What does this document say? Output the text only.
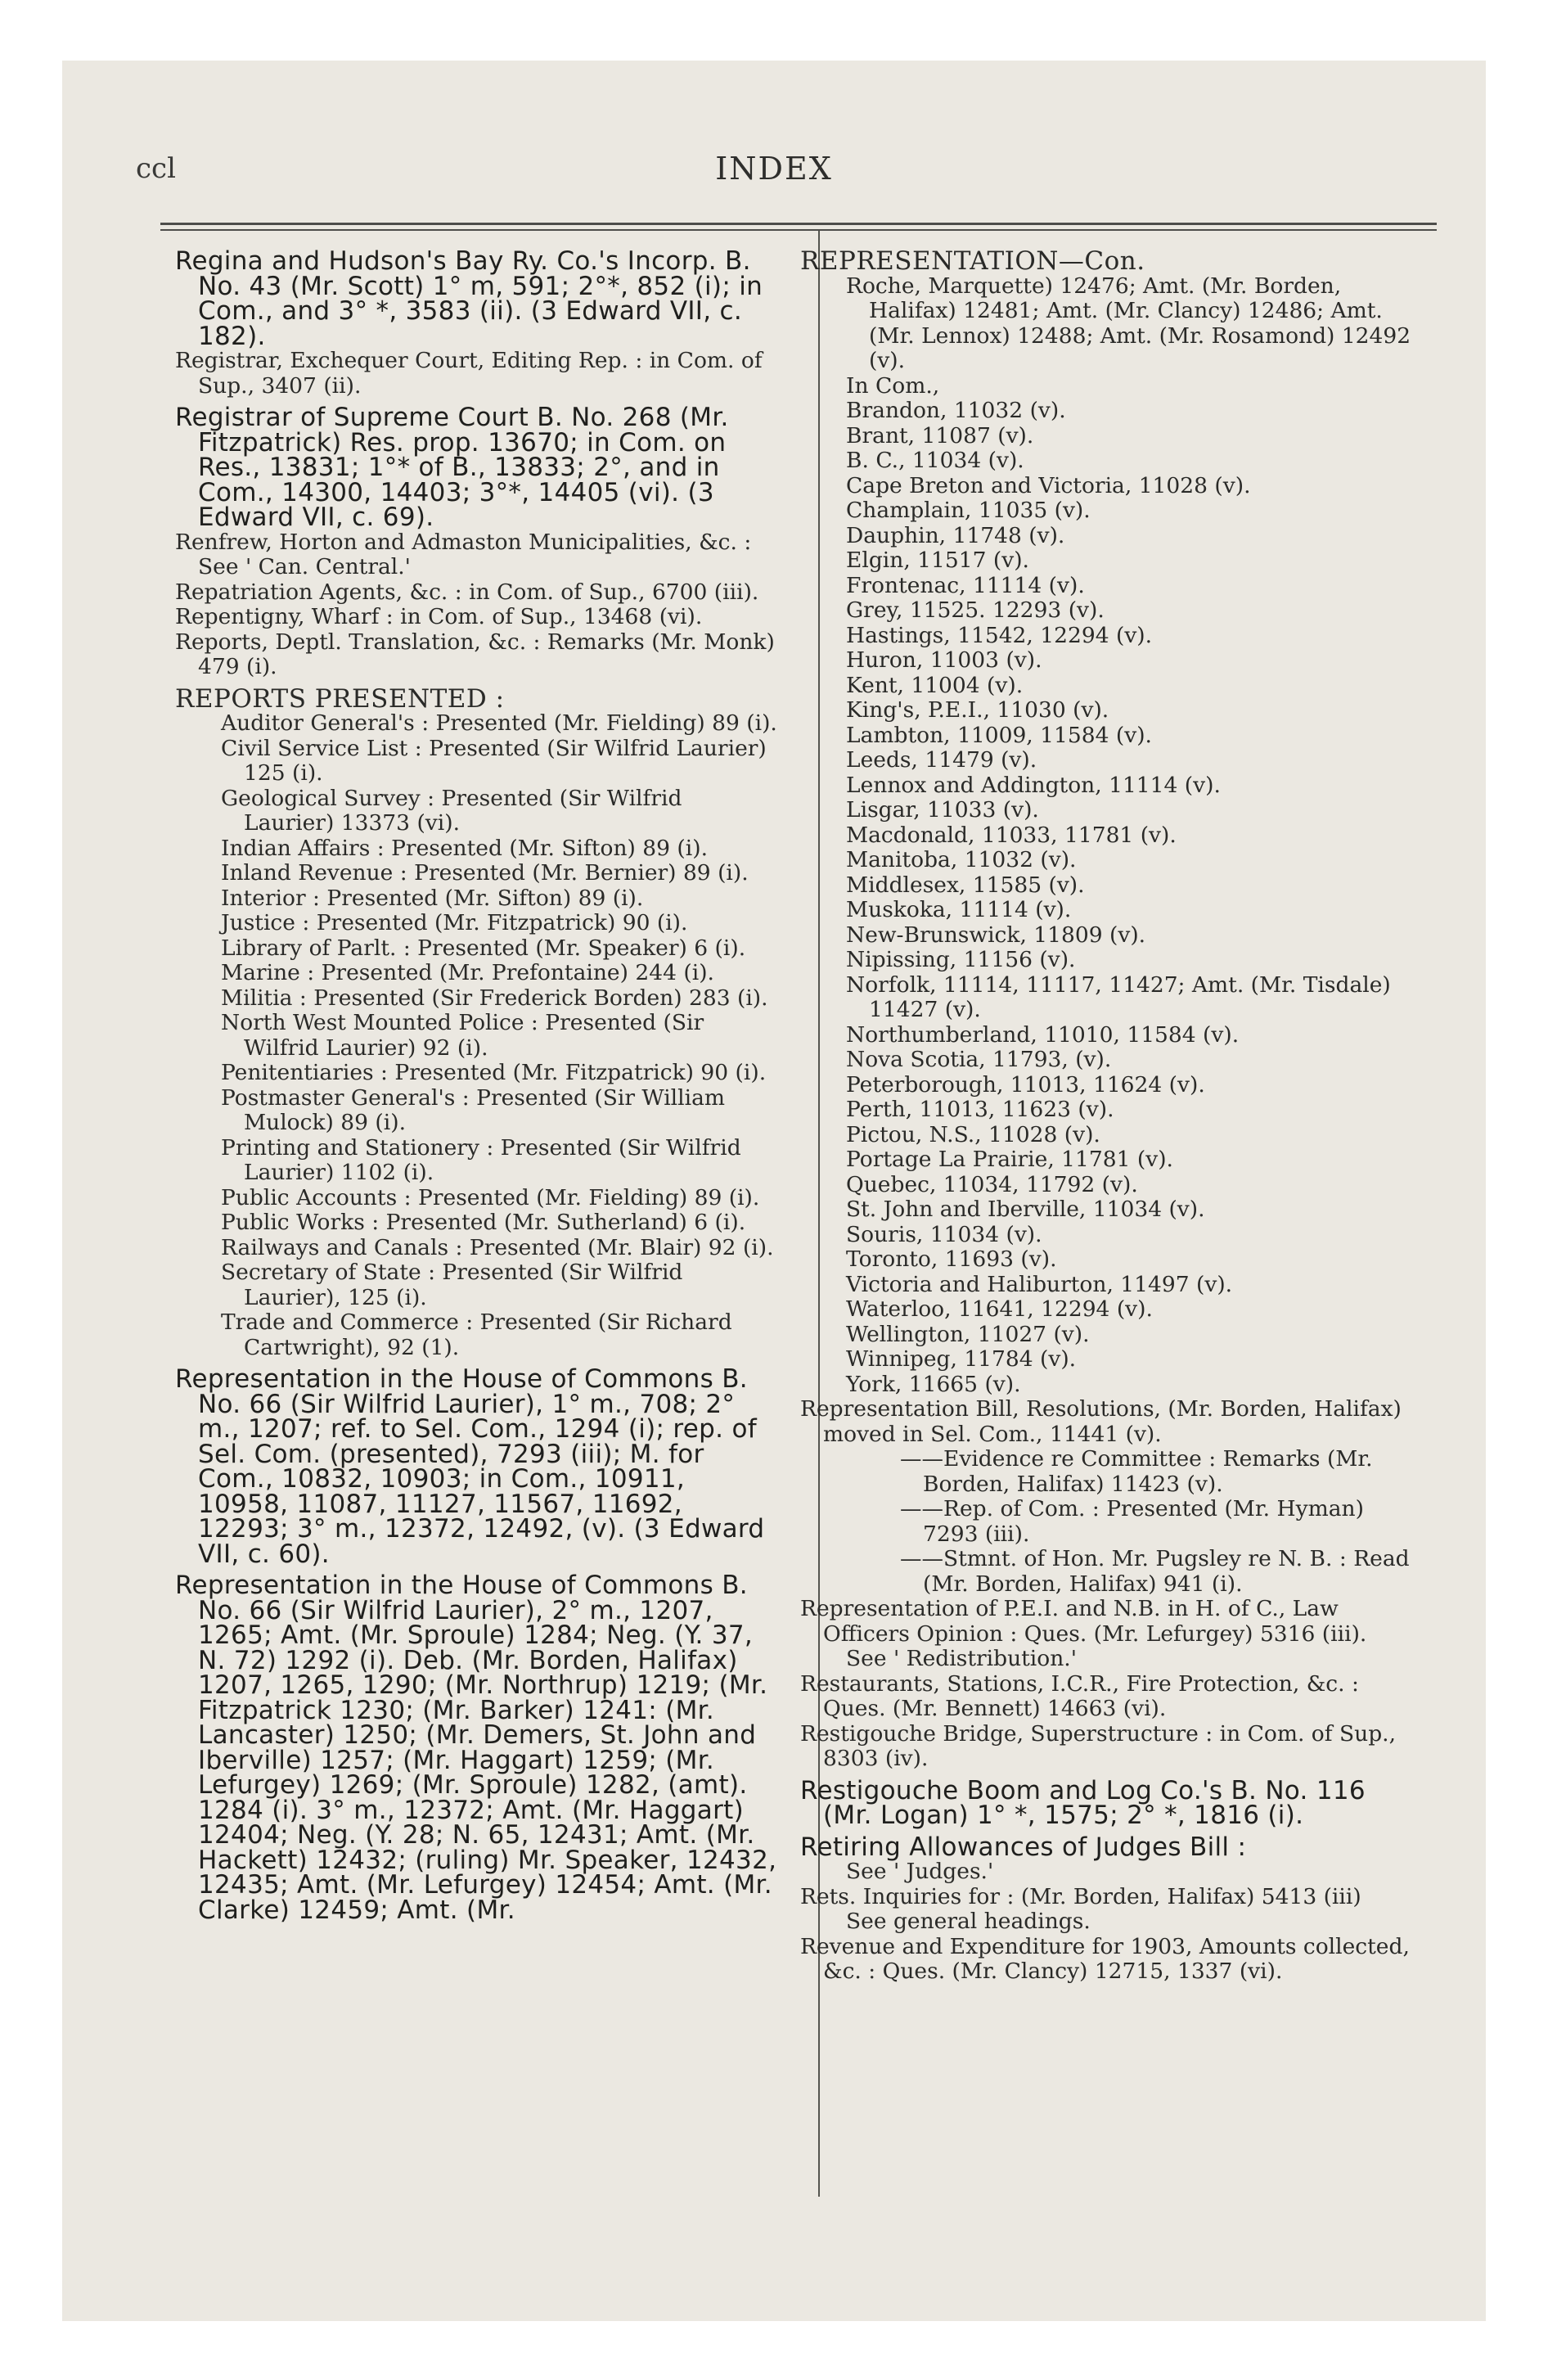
ccl	INDEX
Regina and Hudson's Bay Ry. Co.'s Incorp. B. No. 43 (Mr. Scott) 1° m, 591; 2°*, 852 (i); in Com., and 3° *, 3583 (ii). (3 Edward VII, c. 182).
Registrar, Exchequer Court, Editing Rep. : in Com. of Sup., 3407 (ii).
Registrar of Supreme Court B. No. 268 (Mr. Fitzpatrick) Res. prop. 13670; in Com. on Res., 13831; 1°* of B., 13833; 2°, and in Com., 14300, 14403; 3°*, 14405 (vi). (3 Edward VII, c. 69).
Renfrew, Horton and Admaston Municipalities, &c. : See ' Can. Central.'
Repatriation Agents, &c. : in Com. of Sup., 6700 (iii).
Repentigny, Wharf : in Com. of Sup., 13468 (vi).
Reports, Deptl. Translation, &c. : Remarks (Mr. Monk) 479 (i).
REPORTS PRESENTED :
Auditor General's : Presented (Mr. Fielding) 89 (i).
Civil Service List : Presented (Sir Wilfrid Laurier) 125 (i).
Geological Survey : Presented (Sir Wilfrid Laurier) 13373 (vi).
Indian Affairs : Presented (Mr. Sifton) 89 (i).
Inland Revenue : Presented (Mr. Bernier) 89 (i).
Interior : Presented (Mr. Sifton) 89 (i).
Justice : Presented (Mr. Fitzpatrick) 90 (i).
Library of Parlt. : Presented (Mr. Speaker) 6 (i).
Marine : Presented (Mr. Prefontaine) 244 (i).
Militia : Presented (Sir Frederick Borden) 283 (i).
North West Mounted Police : Presented (Sir Wilfrid Laurier) 92 (i).
Penitentiaries : Presented (Mr. Fitzpatrick) 90 (i).
Postmaster General's : Presented (Sir William Mulock) 89 (i).
Printing and Stationery : Presented (Sir Wilfrid Laurier) 1102 (i).
Public Accounts : Presented (Mr. Fielding) 89 (i).
Public Works : Presented (Mr. Sutherland) 6 (i).
Railways and Canals : Presented (Mr. Blair) 92 (i).
Secretary of State : Presented (Sir Wilfrid Laurier), 125 (i).
Trade and Commerce : Presented (Sir Richard Cartwright), 92 (1).
Representation in the House of Commons B. No. 66 (Sir Wilfrid Laurier), 1° m., 708; 2° m., 1207; ref. to Sel. Com., 1294 (i); rep. of Sel. Com. (presented), 7293 (iii); M. for Com., 10832, 10903; in Com., 10911, 10958, 11087, 11127, 11567, 11692, 12293; 3° m., 12372, 12492, (v). (3 Edward VII, c. 60).
Representation in the House of Commons B. No. 66 (Sir Wilfrid Laurier), 2° m., 1207, 1265; Amt. (Mr. Sproule) 1284; Neg. (Y. 37, N. 72) 1292 (i). Deb. (Mr. Borden, Halifax) 1207, 1265, 1290; (Mr. Northrup) 1219; (Mr. Fitzpatrick 1230; (Mr. Barker) 1241: (Mr. Lancaster) 1250; (Mr. Demers, St. John and Iberville) 1257; (Mr. Haggart) 1259; (Mr. Lefurgey) 1269; (Mr. Sproule) 1282, (amt). 1284 (i). 3° m., 12372; Amt. (Mr. Haggart) 12404; Neg. (Y. 28; N. 65, 12431; Amt. (Mr. Hackett) 12432; (ruling) Mr. Speaker, 12432, 12435; Amt. (Mr. Lefurgey) 12454; Amt. (Mr. Clarke) 12459; Amt. (Mr.
REPRESENTATION—Con.
Roche, Marquette) 12476; Amt. (Mr. Borden, Halifax) 12481; Amt. (Mr. Clancy) 12486; Amt. (Mr. Lennox) 12488; Amt. (Mr. Rosamond) 12492 (v).
In Com.,
Brandon, 11032 (v).
Brant, 11087 (v).
B. C., 11034 (v).
Cape Breton and Victoria, 11028 (v).
Champlain, 11035 (v).
Dauphin, 11748 (v).
Elgin, 11517 (v).
Frontenac, 11114 (v).
Grey, 11525. 12293 (v).
Hastings, 11542, 12294 (v).
Huron, 11003 (v).
Kent, 11004 (v).
King's, P.E.I., 11030 (v).
Lambton, 11009, 11584 (v).
Leeds, 11479 (v).
Lennox and Addington, 11114 (v).
Lisgar, 11033 (v).
Macdonald, 11033, 11781 (v).
Manitoba, 11032 (v).
Middlesex, 11585 (v).
Muskoka, 11114 (v).
New-Brunswick, 11809 (v).
Nipissing, 11156 (v).
Norfolk, 11114, 11117, 11427; Amt. (Mr. Tisdale) 11427 (v).
Northumberland, 11010, 11584 (v).
Nova Scotia, 11793, (v).
Peterborough, 11013, 11624 (v).
Perth, 11013, 11623 (v).
Pictou, N.S., 11028 (v).
Portage La Prairie, 11781 (v).
Quebec, 11034, 11792 (v).
St. John and Iberville, 11034 (v).
Souris, 11034 (v).
Toronto, 11693 (v).
Victoria and Haliburton, 11497 (v).
Waterloo, 11641, 12294 (v).
Wellington, 11027 (v).
Winnipeg, 11784 (v).
York, 11665 (v).
Representation Bill, Resolutions, (Mr. Borden, Halifax) moved in Sel. Com., 11441 (v).
——Evidence re Committee : Remarks (Mr. Borden, Halifax) 11423 (v).
——Rep. of Com. : Presented (Mr. Hyman) 7293 (iii).
——Stmnt. of Hon. Mr. Pugsley re N. B. : Read (Mr. Borden, Halifax) 941 (i).
Representation of P.E.I. and N.B. in H. of C., Law Officers Opinion : Ques. (Mr. Lefurgey) 5316 (iii).
See ' Redistribution.'
Restaurants, Stations, I.C.R., Fire Protection, &c. : Ques. (Mr. Bennett) 14663 (vi).
Restigouche Bridge, Superstructure : in Com. of Sup., 8303 (iv).
Restigouche Boom and Log Co.'s B. No. 116 (Mr. Logan) 1° *, 1575; 2° *, 1816 (i).
Retiring Allowances of Judges Bill :
See ' Judges.'
Rets. Inquiries for : (Mr. Borden, Halifax) 5413 (iii)
See general headings.
Revenue and Expenditure for 1903, Amounts collected, &c. : Ques. (Mr. Clancy) 12715, 1337 (vi).
